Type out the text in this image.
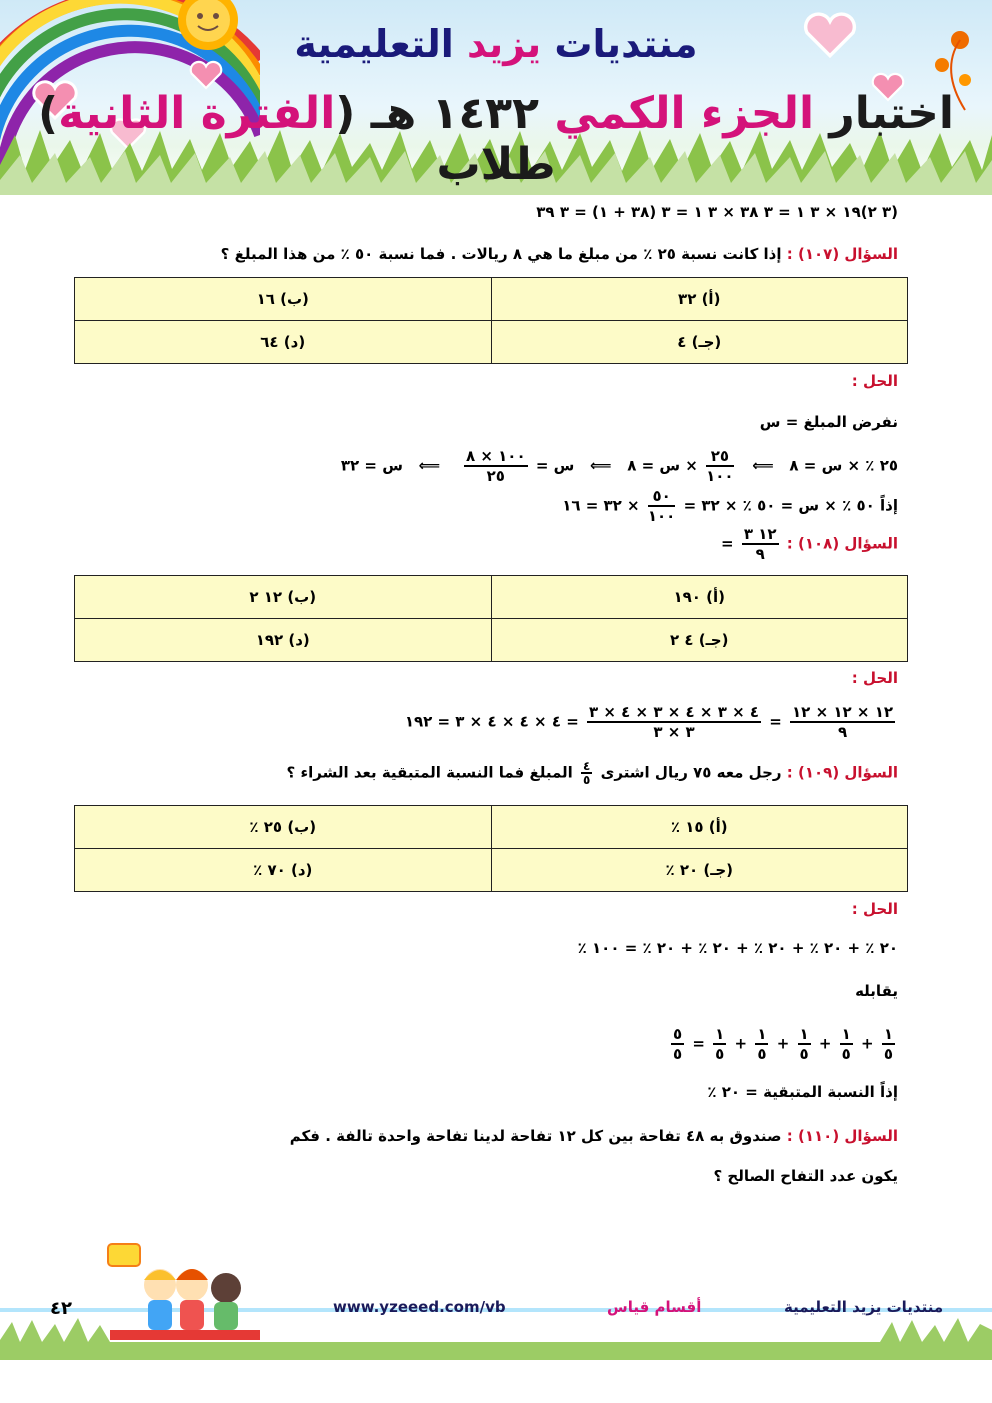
منتديات يزيد التعليمية
اختبار الجزء الكمي ١٤٣٢ هـ (الفترة الثانية) طلاب
(٣ ٢)١٩ × ٣ ١ = ٣ ٣٨ × ٣ ١ = ٣ (٣٨ + ١) = ٣ ٣٩
السؤال (١٠٧) : إذا كانت نسبة ٢٥ ٪ من مبلغ ما هي ٨ ريالات . فما نسبة ٥٠ ٪ من هذا المبلغ ؟
(أ) ٣٢	(ب) ١٦
(جـ) ٤	(د) ٦٤
الحل :
نفرض المبلغ = س
٢٥ ٪ × س = ٨   ⟸
$\frac{٢٥}{١٠٠}$
× س = ٨   ⟸   س =
$\frac{١٠٠ \times ٨}{٢٥}$
⟸   س = ٣٢
إذاً ٥٠ ٪ × س = ٥٠ ٪ × ٣٢ =
$\frac{٥٠}{١٠٠}$
× ٣٢ = ١٦
السؤال (١٠٨) :
$\frac{١٢ ٣}{٩}$
=
(أ) ١٩٠	(ب) ١٢ ٢
(جـ) ٤ ٢	(د) ١٩٢
الحل :
$\frac{١٢ \times ١٢ \times ١٢}{٩}$
=
$\frac{٤ \times ٣ \times ٤ \times ٣ \times ٤ \times ٣}{٣ \times ٣}$
= ٤ × ٤ × ٤ × ٣ = ١٩٢
السؤال (١٠٩) : رجل معه ٧٥ ريال اشترى
$\frac{٤}{٥}$
المبلغ فما النسبة المتبقية بعد الشراء ؟
(أ) ١٥ ٪	(ب) ٢٥ ٪
(جـ) ٢٠ ٪	(د) ٧٠ ٪
الحل :
٢٠ ٪ + ٢٠ ٪ + ٢٠ ٪ + ٢٠ ٪ + ٢٠ ٪ = ١٠٠ ٪
يقابله
$\frac{١}{٥}$
+
$\frac{١}{٥}$
+
$\frac{١}{٥}$
+
$\frac{١}{٥}$
+
$\frac{١}{٥}$
=
$\frac{٥}{٥}$
إذاً النسبة المتبقية = ٢٠ ٪
السؤال (١١٠) : صندوق به ٤٨ تفاحة بين كل ١٢ تفاحة لدينا تفاحة واحدة تالفة . فكم
يكون عدد التفاح الصالح ؟
٤٢	www.yzeeed.com/vb	أقسام قياس	منتديات يزيد التعليمية
